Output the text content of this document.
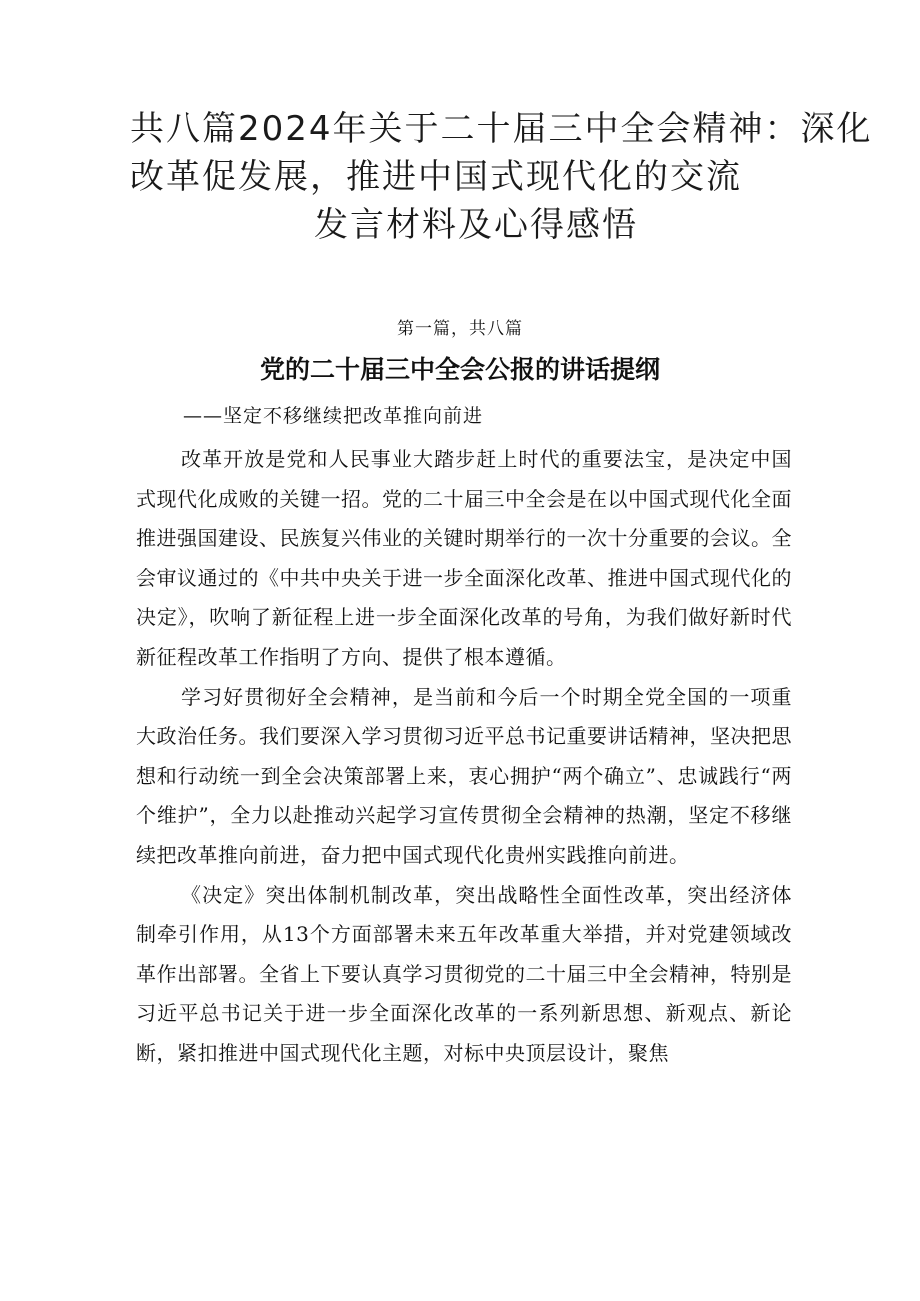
共八篇2024年关于二十届三中全会精神：深化
改革促发展，推进中国式现代化的交流
发言材料及心得感悟
第一篇，共八篇
党的二十届三中全会公报的讲话提纲
——坚定不移继续把改革推向前进

改革开放是党和人民事业大踏步赶上时代的重要法宝，是决定中国式现代化成败的关键一招。党的二十届三中全会是在以中国式现代化全面推进强国建设、民族复兴伟业的关键时期举行的一次十分重要的会议。全会审议通过的《中共中央关于进一步全面深化改革、推进中国式现代化的决定》，吹响了新征程上进一步全面深化改革的号角，为我们做好新时代新征程改革工作指明了方向、提供了根本遵循。

学习好贯彻好全会精神，是当前和今后一个时期全党全国的一项重大政治任务。我们要深入学习贯彻习近平总书记重要讲话精神，坚决把思想和行动统一到全会决策部署上来，衷心拥护“两个确立”、忠诚践行“两个维护”，全力以赴推动兴起学习宣传贯彻全会精神的热潮，坚定不移继续把改革推向前进，奋力把中国式现代化贵州实践推向前进。

《决定》突出体制机制改革，突出战略性全面性改革，突出经济体制牵引作用，从13个方面部署未来五年改革重大举措，并对党建领域改革作出部署。全省上下要认真学习贯彻党的二十届三中全会精神，特别是习近平总书记关于进一步全面深化改革的一系列新思想、新观点、新论断，紧扣推进中国式现代化主题，对标中央顶层设计，聚焦
